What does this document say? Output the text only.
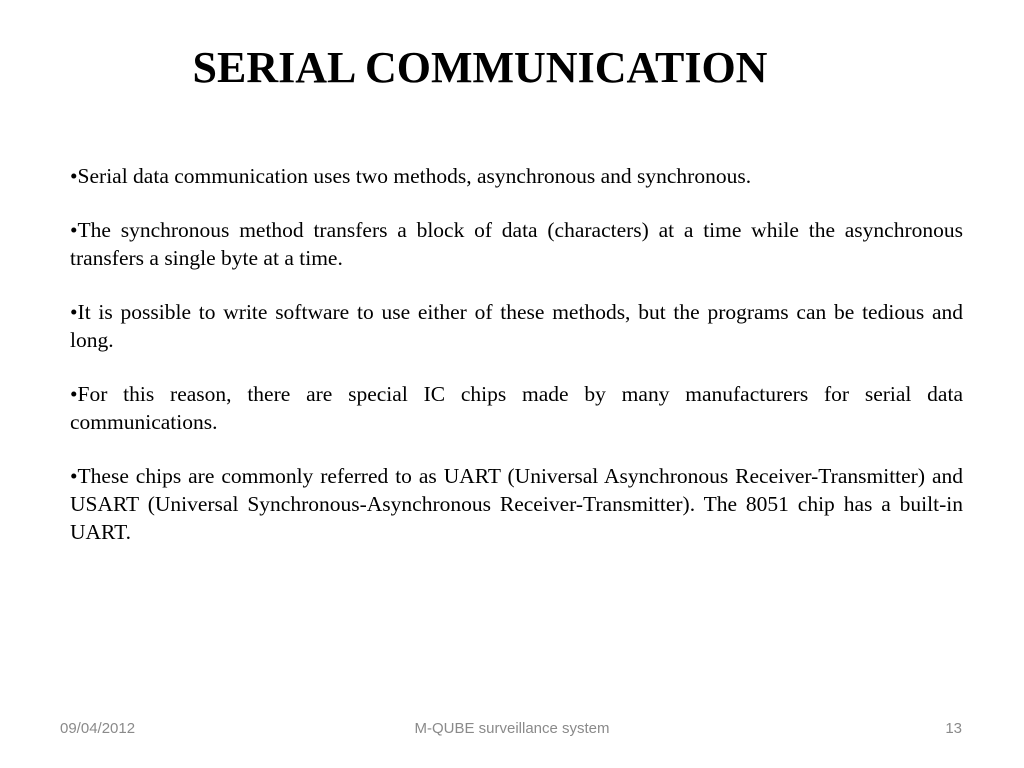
SERIAL COMMUNICATION

•Serial data communication uses two methods, asynchronous and synchronous.

•The synchronous method transfers a block of data (characters) at a time while the asynchronous transfers a single byte at a time.

•It is possible to write software to use either of these methods, but the programs can be tedious and long.

•For this reason, there are special IC chips made by many manufacturers for serial data communications.

•These chips are commonly referred to as UART (Universal Asynchronous Receiver-Transmitter) and USART (Universal Synchronous-Asynchronous Receiver-Transmitter). The 8051 chip has a built-in UART.

09/04/2012	M-QUBE surveillance system	13
